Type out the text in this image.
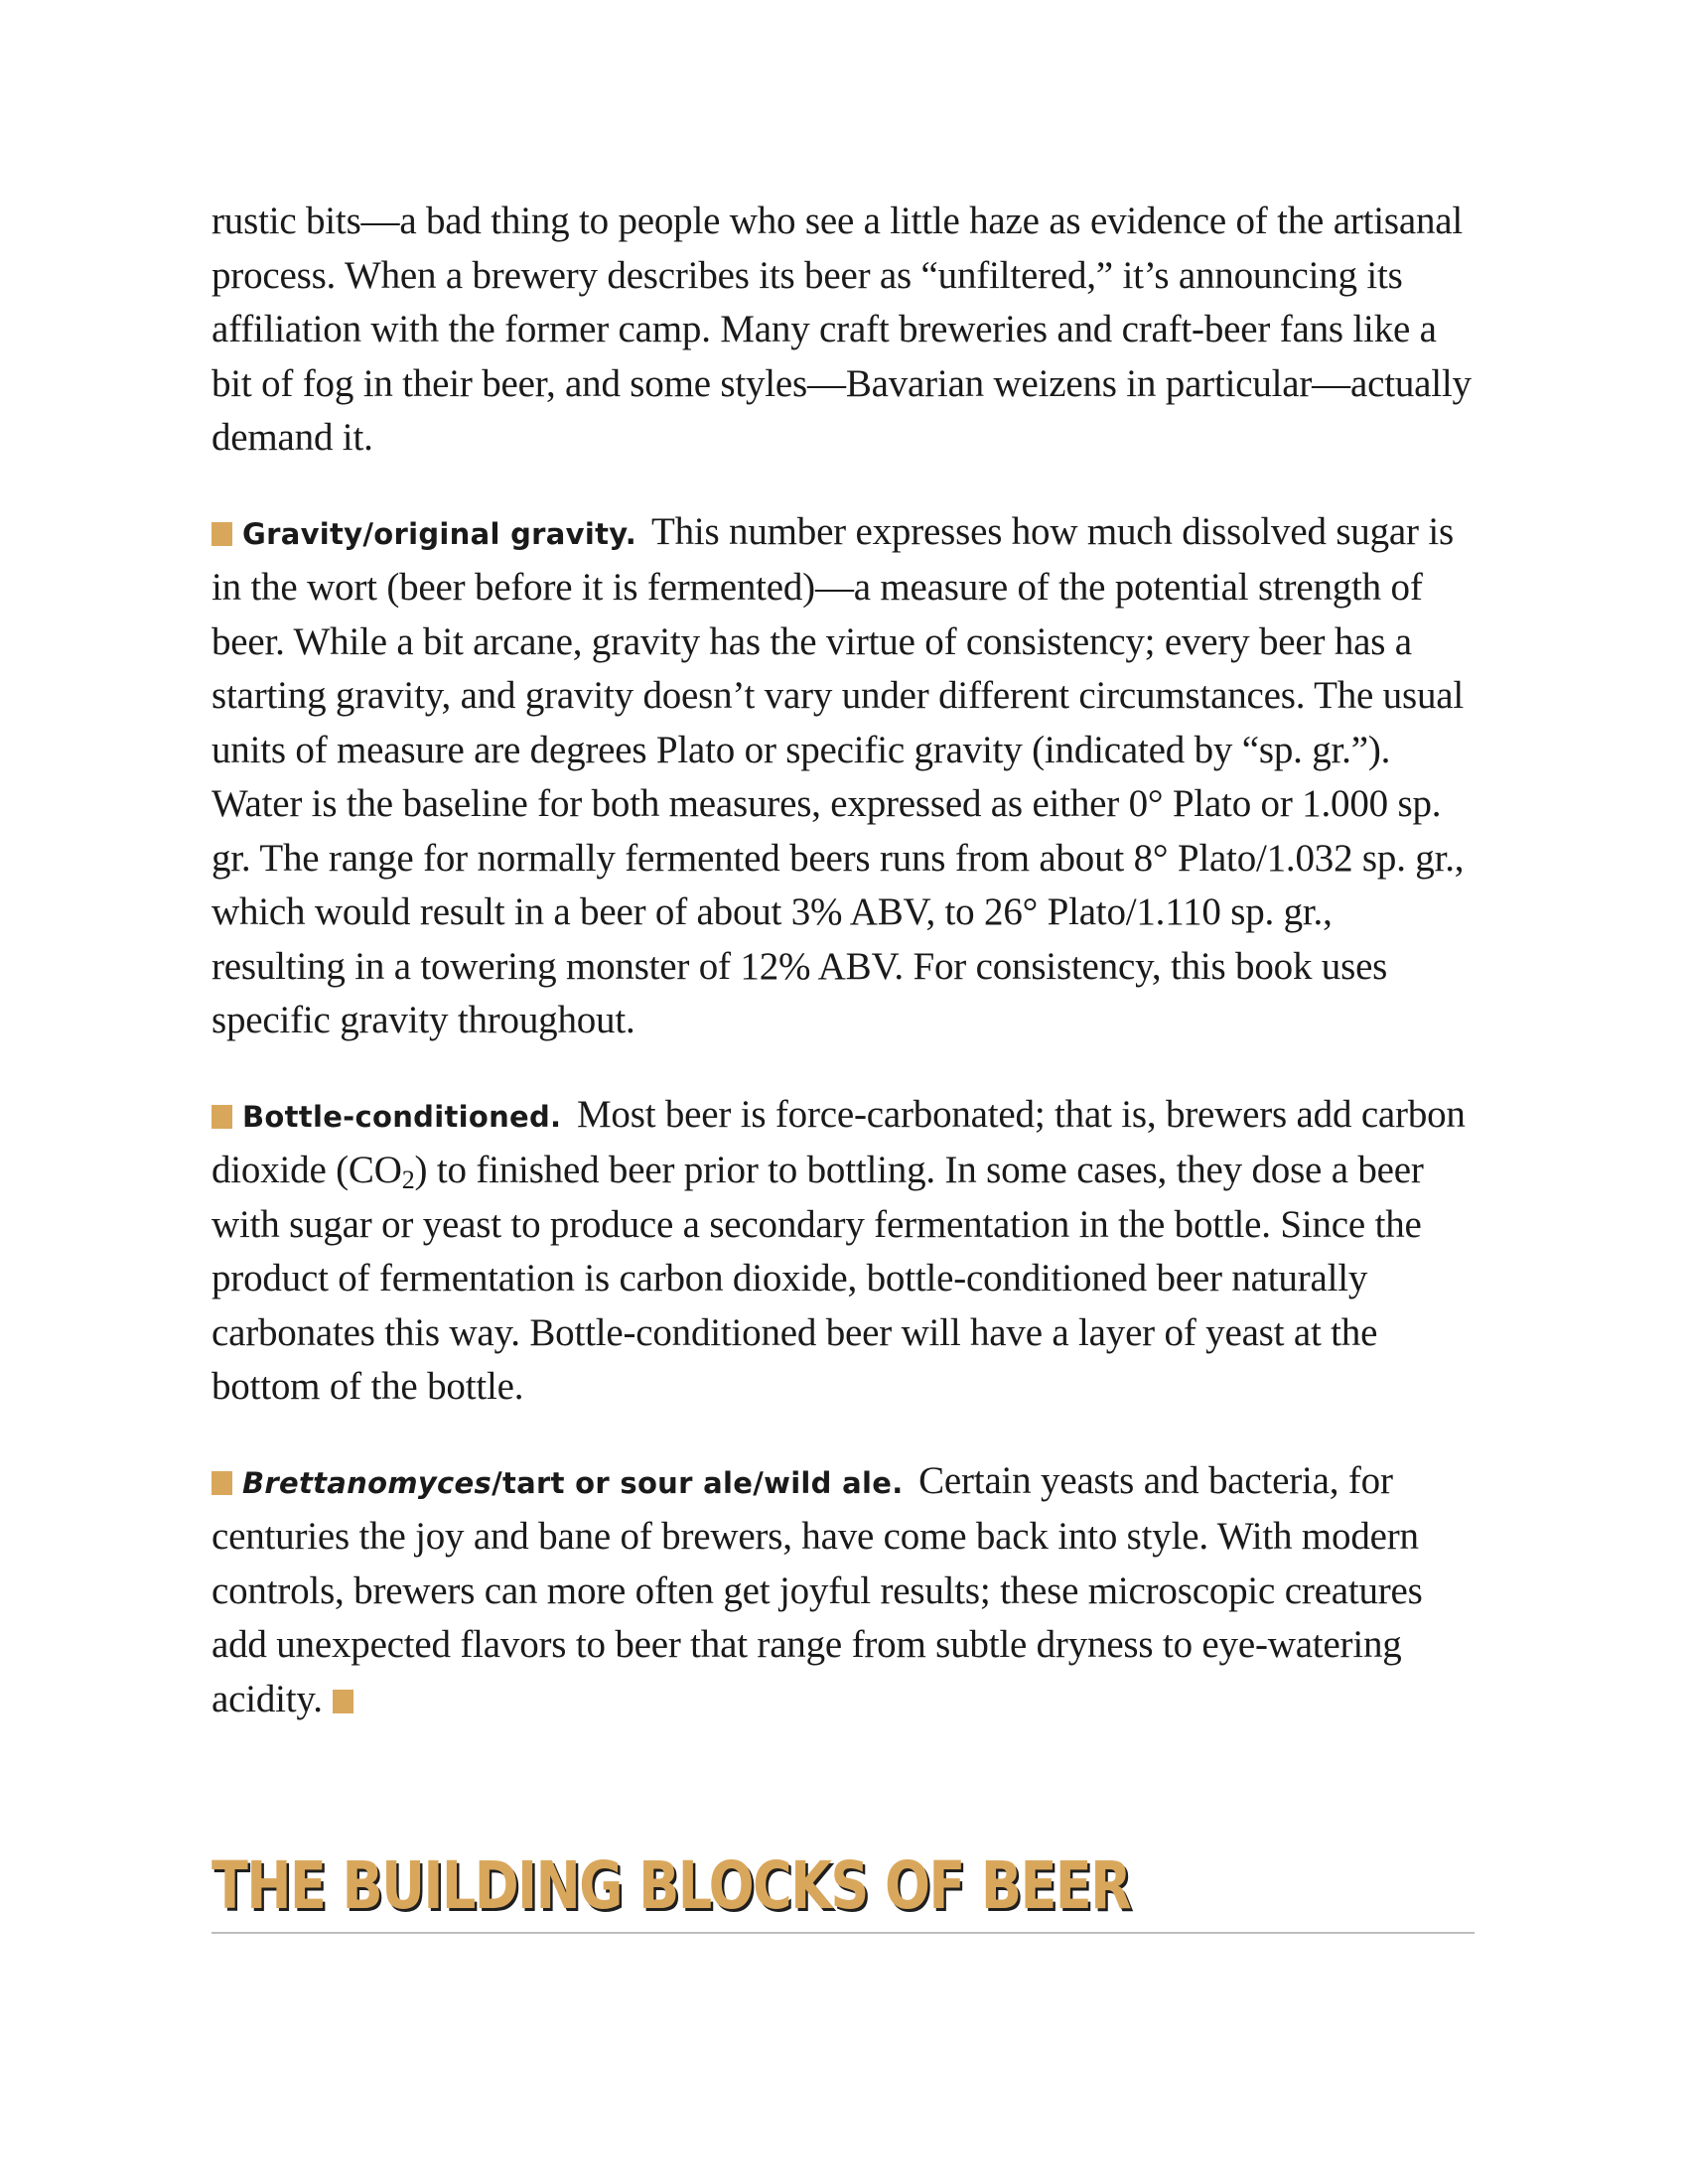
rustic bits—a bad thing to people who see a little haze as evidence of the artisanal process. When a brewery describes its beer as “unfiltered,” it’s announcing its affiliation with the former camp. Many craft breweries and craft-beer fans like a bit of fog in their beer, and some styles—Bavarian weizens in particular—actually demand it.

Gravity/original gravity. This number expresses how much dissolved sugar is in the wort (beer before it is fermented)—a measure of the potential strength of beer. While a bit arcane, gravity has the virtue of consistency; every beer has a starting gravity, and gravity doesn’t vary under different circumstances. The usual units of measure are degrees Plato or specific gravity (indicated by “sp. gr.”). Water is the baseline for both measures, expressed as either 0° Plato or 1.000 sp. gr. The range for normally fermented beers runs from about 8° Plato/1.032 sp. gr., which would result in a beer of about 3% ABV, to 26° Plato/1.110 sp. gr., resulting in a towering monster of 12% ABV. For consistency, this book uses specific gravity throughout.

Bottle-conditioned. Most beer is force-carbonated; that is, brewers add carbon dioxide $(CO_2)$ to finished beer prior to bottling. In some cases, they dose a beer with sugar or yeast to produce a secondary fermentation in the bottle. Since the product of fermentation is carbon dioxide, bottle-conditioned beer naturally carbonates this way. Bottle-conditioned beer will have a layer of yeast at the bottom of the bottle.

Brettanomyces/tart or sour ale/wild ale. Certain yeasts and bacteria, for centuries the joy and bane of brewers, have come back into style. With modern controls, brewers can more often get joyful results; these microscopic creatures add unexpected flavors to beer that range from subtle dryness to eye-watering acidity.

THE BUILDING BLOCKS OF BEER
